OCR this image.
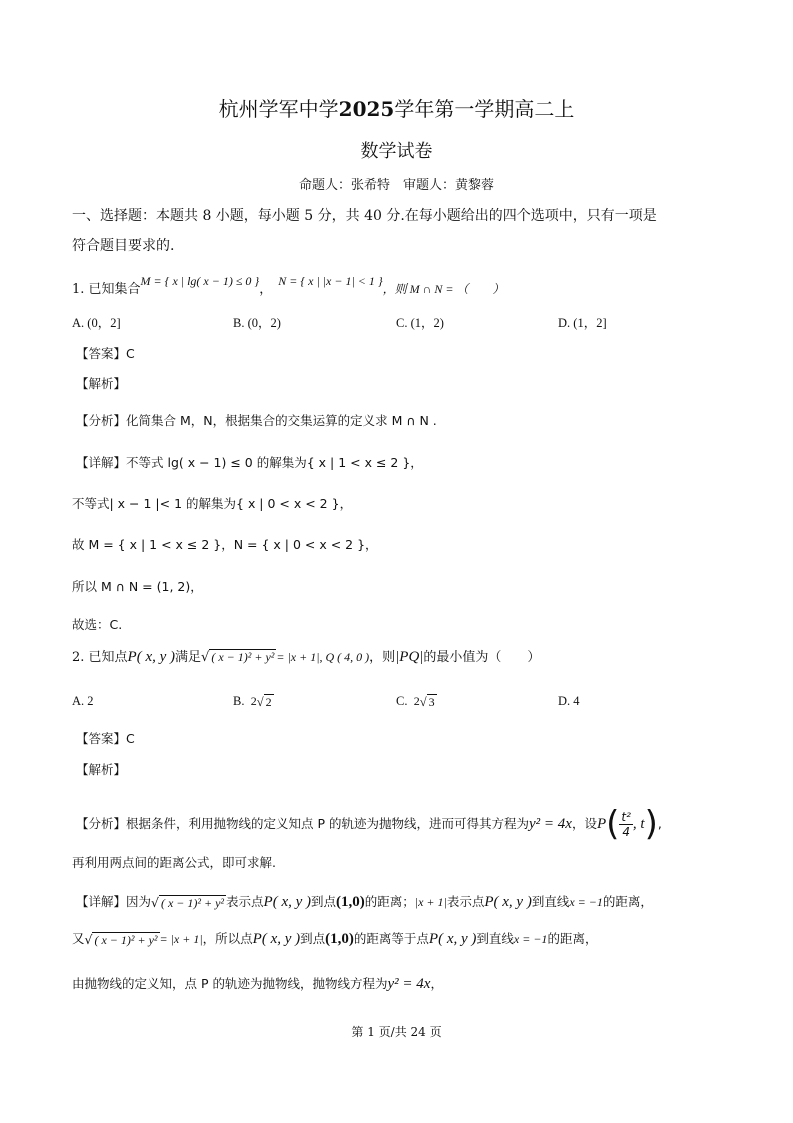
杭州学军中学2025学年第一学期高二上
数学试卷
命题人：张希特　审题人：黄黎蓉
一、选择题：本题共 8 小题，每小题 5 分，共 40 分.在每小题给出的四个选项中，只有一项是
符合题目要求的.
1. 已知集合M = { x | lg( x − 1) ≤ 0 }，N = { x | |x − 1| < 1 }，则 M ∩ N = （　　）
A. (0，2]	B. (0，2)	C. (1，2)	D. (1，2]
【答案】C
【解析】
【分析】化简集合 M，N，根据集合的交集运算的定义求 M ∩ N .
【详解】不等式 lg( x − 1) ≤ 0 的解集为{ x | 1 < x ≤ 2 }，
不等式| x − 1 |< 1 的解集为{ x | 0 < x < 2 }，
故 M = { x | 1 < x ≤ 2 }，N = { x | 0 < x < 2 }，
所以 M ∩ N = (1, 2)，
故选：C.
2. 已知点P( x, y )满足√ ( x − 1)² + y² = |x + 1|, Q ( 4, 0 )，则|PQ|的最小值为（　　）
A. 2	B. 2√ 2	C. 2√ 3	D. 4
【答案】C
【解析】
【分析】根据条件，利用抛物线的定义知点 P 的轨迹为抛物线，进而可得其方程为y² = 4x，设$P( \frac{\text{t²}}{4}$ , t),
再利用两点间的距离公式，即可求解.
【详解】因为√ ( x − 1)² + y² 表示点P( x, y )到点(1,0)的距离；|x + 1|表示点P( x, y )到直线x = −1的距离，
又√ ( x − 1)² + y² = |x + 1|，所以点P( x, y )到点(1,0)的距离等于点P( x, y )到直线x = −1的距离，
由抛物线的定义知，点 P 的轨迹为抛物线，抛物线方程为y² = 4x，
第 1 页/共 24 页
